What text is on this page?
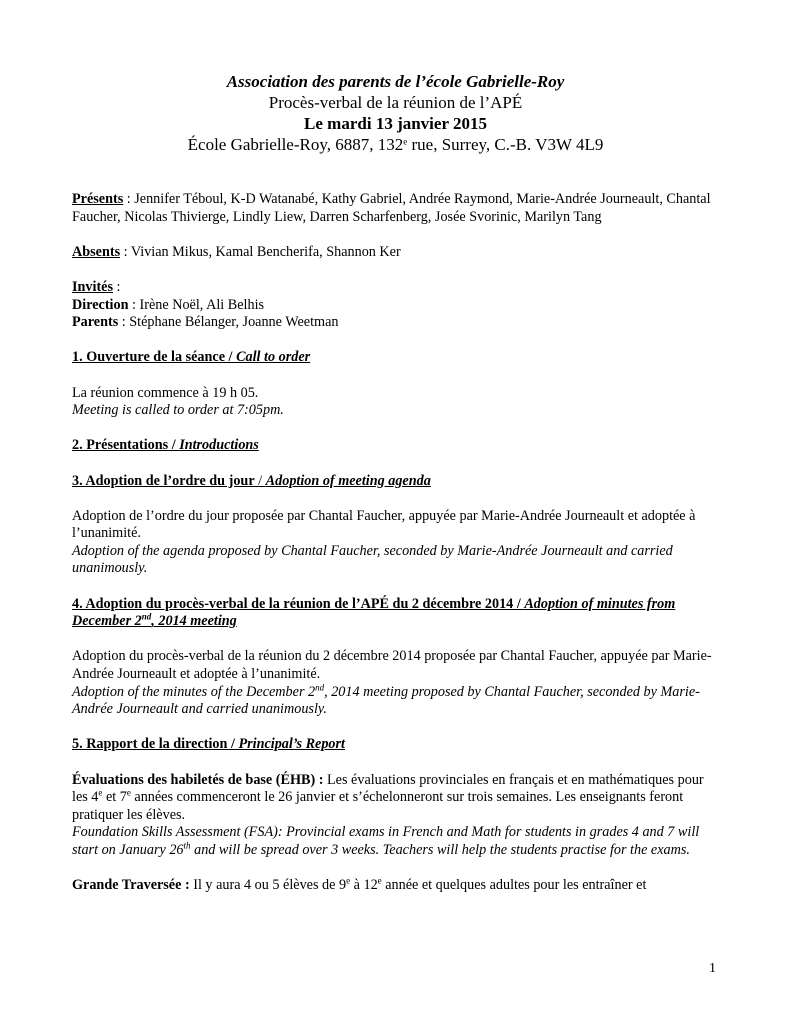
Association des parents de l’école Gabrielle-Roy
Procès-verbal de la réunion de l’APÉ
Le mardi 13 janvier 2015
École Gabrielle-Roy, 6887, 132e rue, Surrey, C.-B. V3W 4L9

Présents : Jennifer Téboul, K-D Watanabé, Kathy Gabriel, Andrée Raymond, Marie-Andrée Journeault, Chantal Faucher, Nicolas Thivierge, Lindly Liew, Darren Scharfenberg, Josée Svorinic, Marilyn Tang

Absents : Vivian Mikus, Kamal Bencherifa, Shannon Ker

Invités :

Direction : Irène Noël, Ali Belhis

Parents : Stéphane Bélanger, Joanne Weetman

1. Ouverture de la séance / Call to order

La réunion commence à 19 h 05.

Meeting is called to order at 7:05pm.

2. Présentations / Introductions

3. Adoption de l’ordre du jour / Adoption of meeting agenda

Adoption de l’ordre du jour proposée par Chantal Faucher, appuyée par Marie-Andrée Journeault et adoptée à l’unanimité.

Adoption of the agenda proposed by Chantal Faucher, seconded by Marie-Andrée Journeault and carried unanimously.

4. Adoption du procès-verbal de la réunion de l’APÉ du 2 décembre 2014 / Adoption of minutes from December 2nd, 2014 meeting

Adoption du procès-verbal de la réunion du 2 décembre 2014 proposée par Chantal Faucher, appuyée par Marie-Andrée Journeault et adoptée à l’unanimité.

Adoption of the minutes of the December 2nd, 2014 meeting proposed by Chantal Faucher, seconded by Marie-Andrée Journeault and carried unanimously.

5. Rapport de la direction / Principal’s Report

Évaluations des habiletés de base (ÉHB) : Les évaluations provinciales en français et en mathématiques pour les 4e et 7e années commenceront le 26 janvier et s’échelonneront sur trois semaines. Les enseignants feront pratiquer les élèves.

Foundation Skills Assessment (FSA): Provincial exams in French and Math for students in grades 4 and 7 will start on January 26th and will be spread over 3 weeks. Teachers will help the students practise for the exams.

Grande Traversée : Il y aura 4 ou 5 élèves de 9e à 12e année et quelques adultes pour les entraîner et

1
